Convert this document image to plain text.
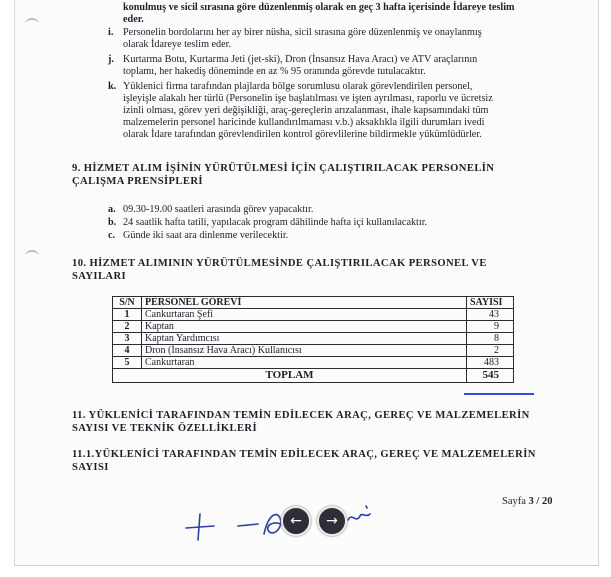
konulmuş ve sicil sırasına göre düzenlenmiş olarak en geç 3 hafta içerisinde İdareye teslim
eder.
i. Personelin bordolarını her ay birer nüsha, sicil sırasına göre düzenlenmiş ve onaylanmış
olarak İdareye teslim eder.
j. Kurtarma Botu, Kurtarma Jeti (jet-ski), Dron (İnsansız Hava Aracı) ve ATV araçlarının
toplamı, her hakediş döneminde en az % 95 oranında görevde tutulacaktır.
k. Yüklenici firma tarafından plajlarda bölge sorumlusu olarak görevlendirilen personel,
işleyişle alakalı her türlü (Personelin işe başlatılması ve işten ayrılması, raporlu ve ücretsiz
izinli olması, görev yeri değişikliği, araç-gereçlerin arızalanması, ihale kapsamındaki tüm
malzemelerin personel haricinde kullandırılmaması v.b.) aksaklıkla ilgili durumları ivedi
olarak İdare tarafından görevlendirilen kontrol görevlilerine bildirmekle yükümlüdürler.
9. HİZMET ALIM İŞİNİN YÜRÜTÜLMESİ İÇİN ÇALIŞTIRILACAK PERSONELİN
ÇALIŞMA PRENSİPLERİ
a. 09.30-19.00 saatleri arasında görev yapacaktır.
b. 24 saatlik hafta tatili, yapılacak program dâhilinde hafta içi kullanılacaktır.
c. Günde iki saat ara dinlenme verilecektir.
10. HİZMET ALIMININ YÜRÜTÜLMESİNDE ÇALIŞTIRILACAK PERSONEL VE
SAYILARI
S/N	PERSONEL GÖREVİ	SAYISI
1	Cankurtaran Şefi	43
2	Kaptan	9
3	Kaptan Yardımcısı	8
4	Dron (İnsansız Hava Aracı) Kullanıcısı	2
5	Cankurtaran	483
TOPLAM		545
11. YÜKLENİCİ TARAFINDAN TEMİN EDİLECEK ARAÇ, GEREÇ VE MALZEMELERİN
SAYISI VE TEKNİK ÖZELLİKLERİ
11.1.YÜKLENİCİ TARAFINDAN TEMİN EDİLECEK ARAÇ, GEREÇ VE MALZEMELERİN
SAYISI
Sayfa 3 / 20
←	→
